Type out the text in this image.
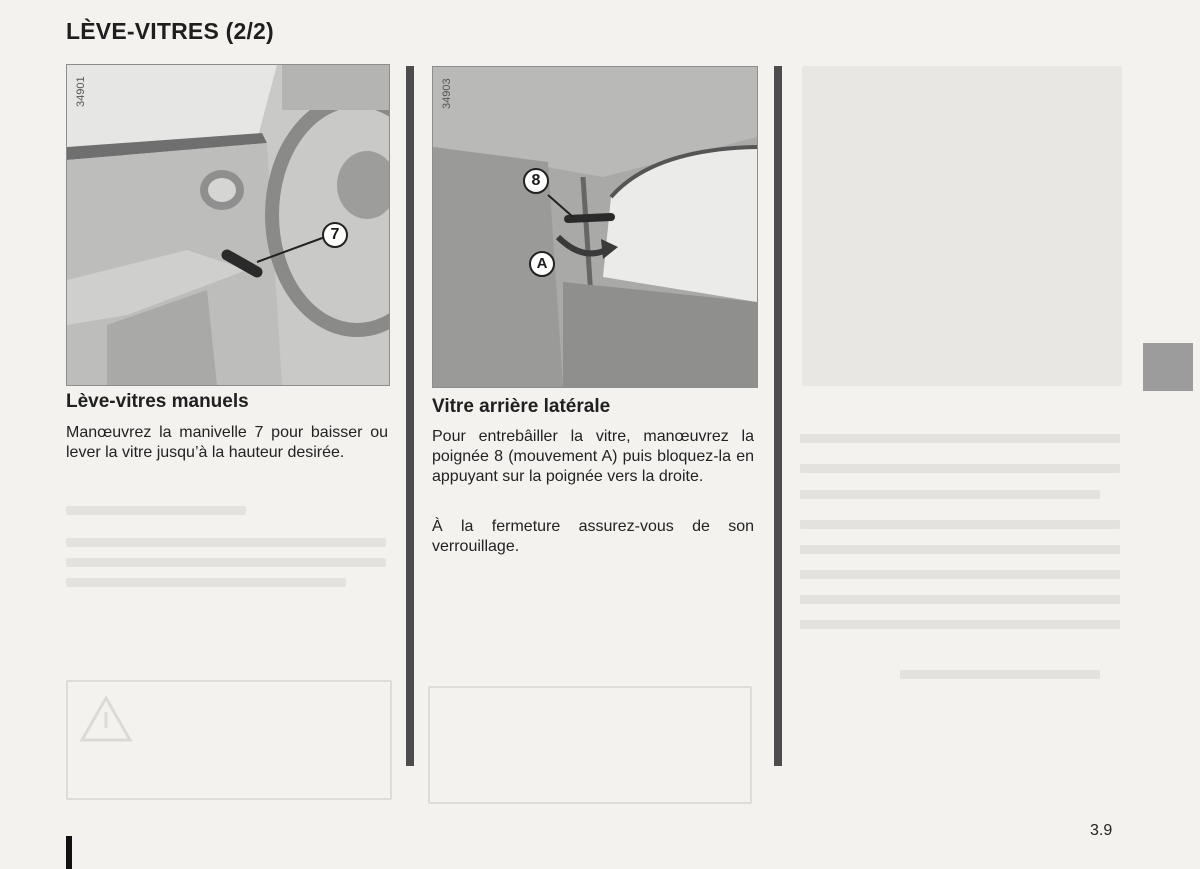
LÈVE-VITRES (2/2)

34901
7
34903
8
A
Lève-vitres manuels

Manœuvrez la manivelle 7 pour baisser ou lever la vitre jusqu’à la hauteur desirée.

Vitre arrière latérale

Pour entrebâiller la vitre, manœuvrez la poignée 8 (mouvement A) puis bloquez-la en appuyant sur la poignée vers la droite.

À la fermeture assurez-vous de son verrouillage.

3.9
